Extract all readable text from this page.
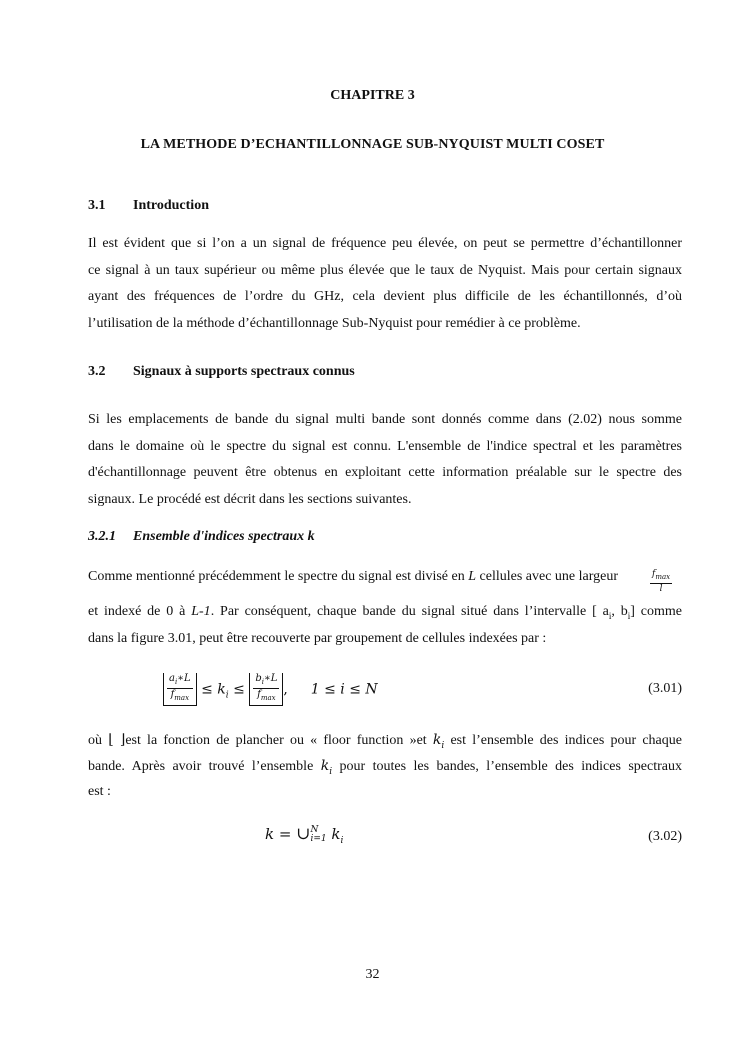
CHAPITRE 3
LA METHODE D’ECHANTILLONNAGE SUB-NYQUIST MULTI COSET
3.1 Introduction
Il est évident que si l’on a un signal de fréquence peu élevée, on peut se permettre d’échantillonner
ce signal à un taux supérieur ou même plus élevée que le taux de Nyquist. Mais pour certain signaux
ayant des fréquences de l’ordre du GHz, cela devient plus difficile de les échantillonnés, d’où
l’utilisation de la méthode d’échantillonnage Sub-Nyquist pour remédier à ce problème.
3.2 Signaux à supports spectraux connus
Si les emplacements de bande du signal multi bande sont donnés comme dans (2.02) nous somme
dans le domaine où le spectre du signal est connu. L'ensemble de l'indice spectral et les paramètres
d'échantillonnage peuvent être obtenus en exploitant cette information préalable sur le spectre des
signaux. Le procédé est décrit dans les sections suivantes.
3.2.1 Ensemble d'indices spectraux k
Comme mentionné précédemment le spectre du signal est divisé en L cellules avec une largeur	$f_{max}$
l
et indexé de 0 à L-1. Par conséquent, chaque bande du signal situé dans l’intervalle [ $a_i$, $b_i$] comme
dans la figure 3.01, peut être recouverte par groupement de cellules indexées par :
$\frac{a_i∗L}{f_{max}} \le k_i \le \frac{b_i∗L}{f_{max}}$ , 1 ≤ i ≤ N	(3.01)
où ⌊ ⌋est la fonction de plancher ou « floor function »et $k_i$ est l’ensemble des indices pour chaque
bande. Après avoir trouvé l’ensemble $k_i$ pour toutes les bandes, l’ensemble des indices spectraux
est :
k = ∪ N
i=1 $k_i$	(3.02)
32
